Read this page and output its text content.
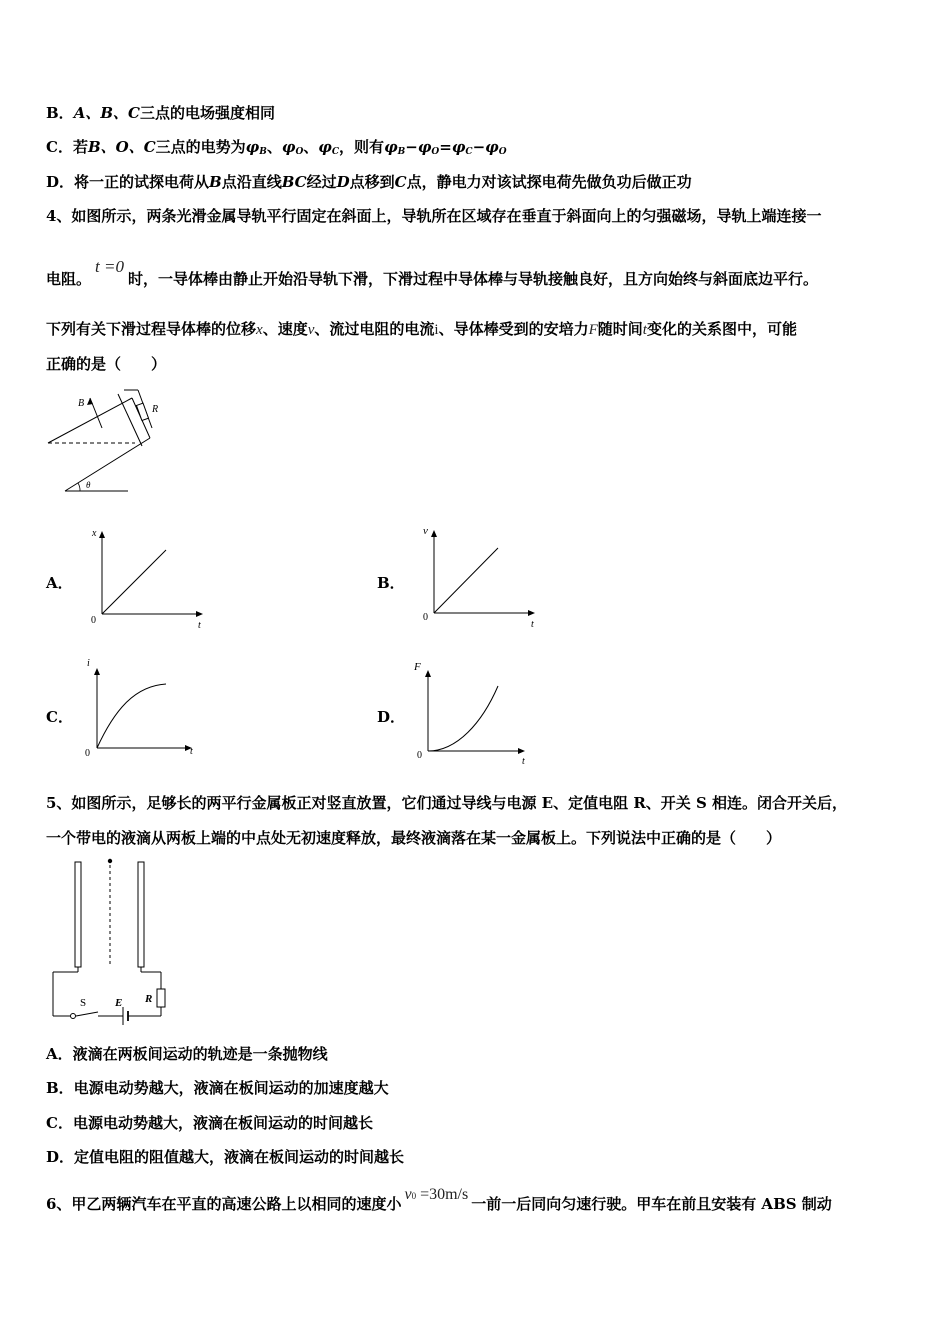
B．A、B、C三点的电场强度相同
C．若B、O、C三点的电势为$\varphi_B$、$\varphi_O$、$\varphi_C$，则有$\varphi_B-\varphi_O=\varphi_C-\varphi_O$
D．将一正的试探电荷从B点沿直线BC经过D点移到C点，静电力对该试探电荷先做负功后做正功
4、如图所示，两条光滑金属导轨平行固定在斜面上，导轨所在区域存在垂直于斜面向上的匀强磁场，导轨上端连接一
电阻。t =0时，一导体棒由静止开始沿导轨下滑，下滑过程中导体棒与导轨接触良好，且方向始终与斜面底边平行。
下列有关下滑过程导体棒的位移x、速度v、流过电阻的电流i、导体棒受到的安培力F随时间t变化的关系图中，可能
正确的是（　　）
B
R
θ
A．
x
t
0
B．
v
t
0
C．
i
t
0
D．
F
t
0
5、如图所示，足够长的两平行金属板正对竖直放置，它们通过导线与电源 E、定值电阻 R、开关 S 相连。闭合开关后，
一个带电的液滴从两板上端的中点处无初速度释放，最终液滴落在某一金属板上。下列说法中正确的是（　　）
S	E R
A．液滴在两板间运动的轨迹是一条抛物线
B．电源电动势越大，液滴在板间运动的加速度越大
C．电源电动势越大，液滴在板间运动的时间越长
D．定值电阻的阻值越大，液滴在板间运动的时间越长
6、甲乙两辆汽车在平直的高速公路上以相同的速度小v0 =30m/s一前一后同向匀速行驶。甲车在前且安装有 ABS 制动
